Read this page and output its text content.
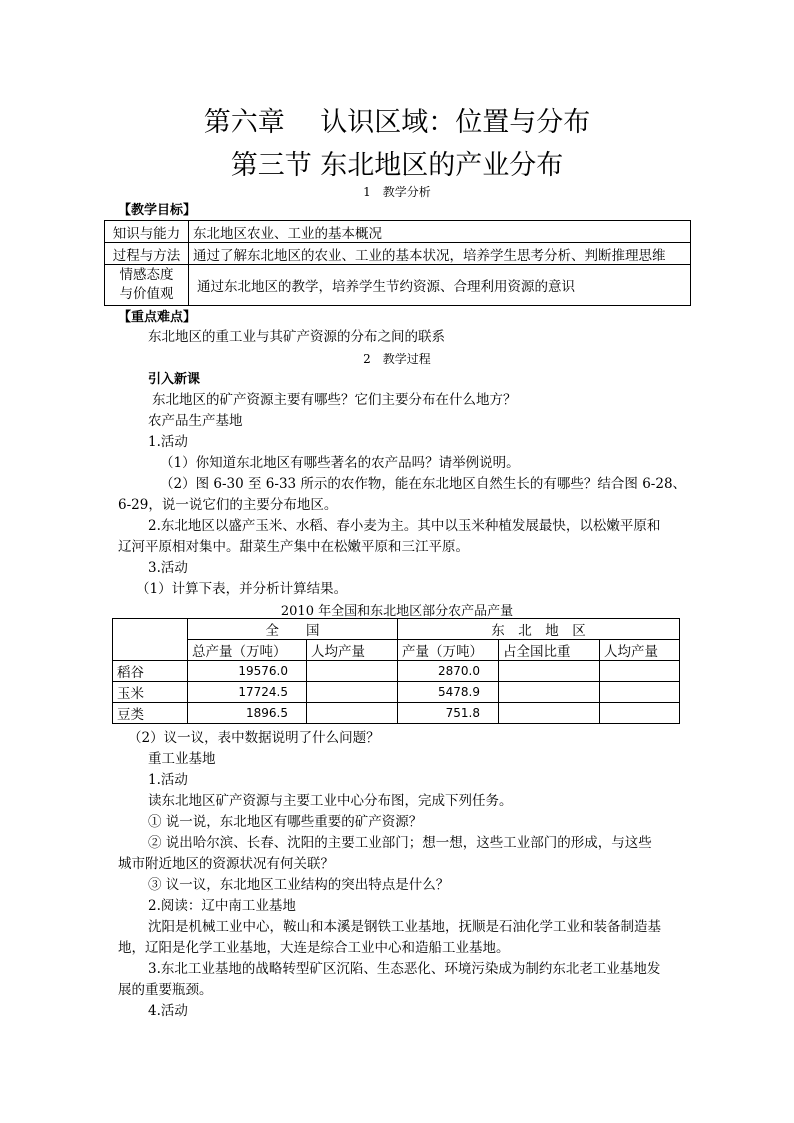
第六章　 认识区域：位置与分布
第三节 东北地区的产业分布
1　教学分析
【教学目标】
知识与能力	东北地区农业、工业的基本概况
过程与方法	通过了解东北地区的农业、工业的基本状况，培养学生思考分析、判断推理思维

情感态度
与价值观	通过东北地区的教学，培养学生节约资源、合理利用资源的意识
【重点难点】
东北地区的重工业与其矿产资源的分布之间的联系
2　教学过程
引入新课
东北地区的矿产资源主要有哪些？它们主要分布在什么地方？
农产品生产基地
1.活动
（1）你知道东北地区有哪些著名的农产品吗？请举例说明。
（2）图 6-30 至 6-33 所示的农作物，能在东北地区自然生长的有哪些？结合图 6-28、
6-29，说一说它们的主要分布地区。
2.东北地区以盛产玉米、水稻、春小麦为主。其中以玉米种植发展最快，以松嫩平原和
辽河平原相对集中。甜菜生产集中在松嫩平原和三江平原。
3.活动
（1）计算下表，并分析计算结果。
2010 年全国和东北地区部分农产品产量
	全　　国		东　北　地　区		
	总产量（万吨）	人均产量	产量（万吨）	占全国比重	人均产量
稻谷	19576.0		2870.0		
玉米	17724.5		5478.9		
豆类	1896.5		751.8		
（2）议一议，表中数据说明了什么问题？
重工业基地
1.活动
读东北地区矿产资源与主要工业中心分布图，完成下列任务。
① 说一说，东北地区有哪些重要的矿产资源？
② 说出哈尔滨、长春、沈阳的主要工业部门；想一想，这些工业部门的形成，与这些
城市附近地区的资源状况有何关联？
③ 议一议，东北地区工业结构的突出特点是什么？
2.阅读：辽中南工业基地
沈阳是机械工业中心，鞍山和本溪是钢铁工业基地，抚顺是石油化学工业和装备制造基
地，辽阳是化学工业基地，大连是综合工业中心和造船工业基地。
3.东北工业基地的战略转型矿区沉陷、生态恶化、环境污染成为制约东北老工业基地发
展的重要瓶颈。
4.活动
